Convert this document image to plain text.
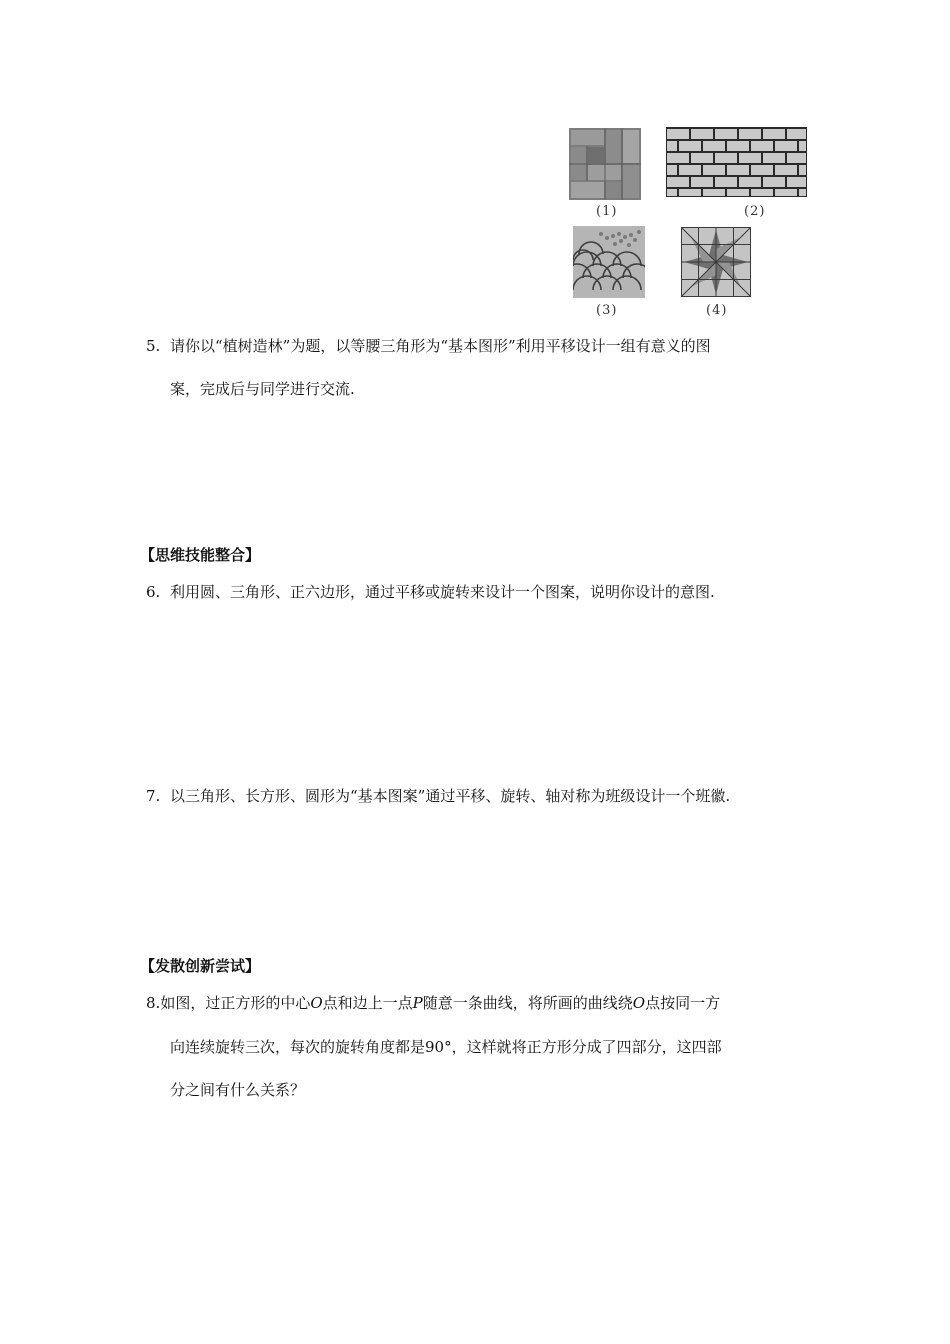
(1)	(2)
(3)	(4)
5. 请你以“植树造林”为题，以等腰三角形为“基本图形”利用平移设计一组有意义的图
案，完成后与同学进行交流.
【思维技能整合】
6. 利用圆、三角形、正六边形，通过平移或旋转来设计一个图案，说明你设计的意图.
7. 以三角形、长方形、圆形为“基本图案”通过平移、旋转、轴对称为班级设计一个班徽.
【发散创新尝试】
8.如图，过正方形的中心O点和边上一点P随意一条曲线，将所画的曲线绕O点按同一方
向连续旋转三次，每次的旋转角度都是90°，这样就将正方形分成了四部分，这四部
分之间有什么关系？
